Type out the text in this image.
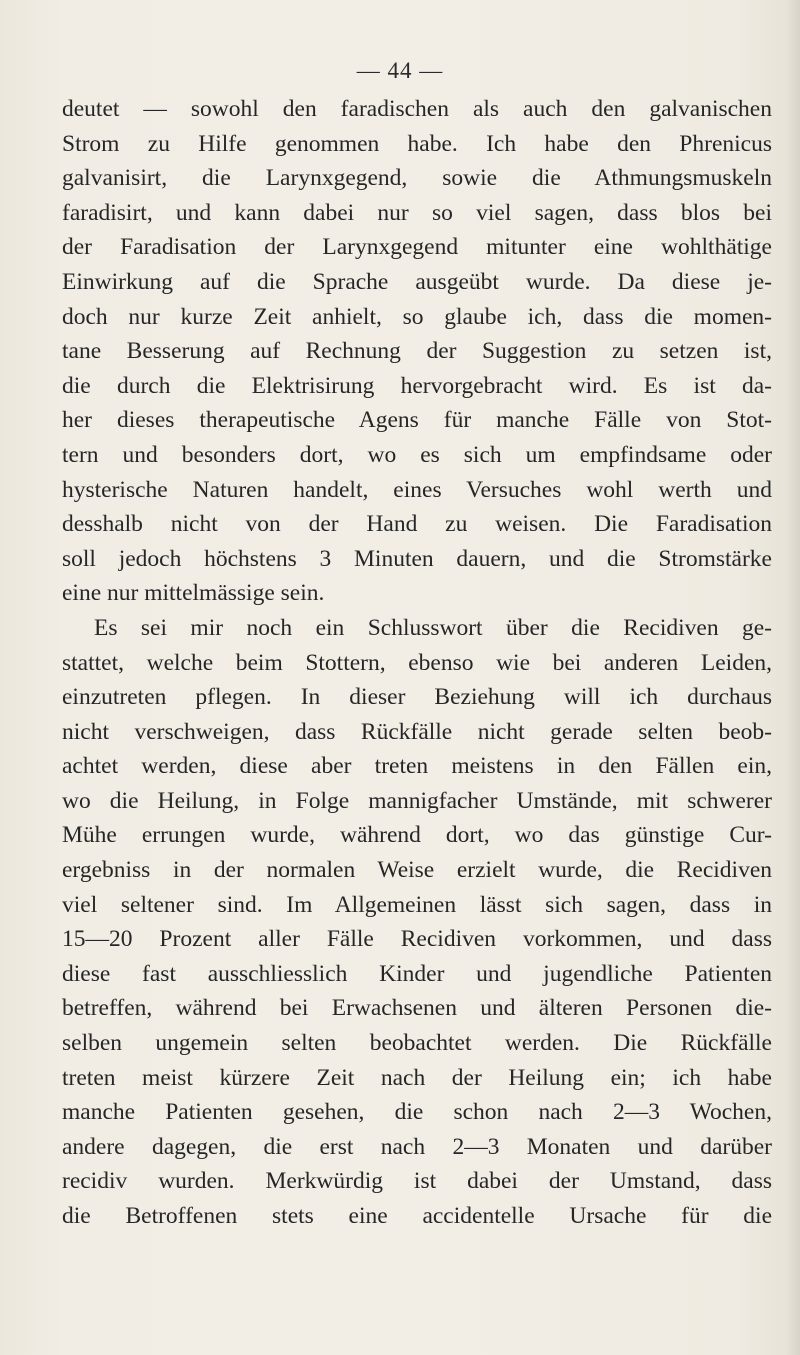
— 44 —
deutet — sowohl den faradischen als auch den galvanischen
Strom zu Hilfe genommen habe. Ich habe den Phrenicus
galvanisirt, die Larynxgegend, sowie die Athmungsmuskeln
faradisirt, und kann dabei nur so viel sagen, dass blos bei
der Faradisation der Larynxgegend mitunter eine wohlthätige
Einwirkung auf die Sprache ausgeübt wurde. Da diese je-
doch nur kurze Zeit anhielt, so glaube ich, dass die momen-
tane Besserung auf Rechnung der Suggestion zu setzen ist,
die durch die Elektrisirung hervorgebracht wird. Es ist da-
her dieses therapeutische Agens für manche Fälle von Stot-
tern und besonders dort, wo es sich um empfindsame oder
hysterische Naturen handelt, eines Versuches wohl werth und
desshalb nicht von der Hand zu weisen. Die Faradisation
soll jedoch höchstens 3 Minuten dauern, und die Stromstärke
eine nur mittelmässige sein.
Es sei mir noch ein Schlusswort über die Recidiven ge-
stattet, welche beim Stottern, ebenso wie bei anderen Leiden,
einzutreten pflegen. In dieser Beziehung will ich durchaus
nicht verschweigen, dass Rückfälle nicht gerade selten beob-
achtet werden, diese aber treten meistens in den Fällen ein,
wo die Heilung, in Folge mannigfacher Umstände, mit schwerer
Mühe errungen wurde, während dort, wo das günstige Cur-
ergebniss in der normalen Weise erzielt wurde, die Recidiven
viel seltener sind. Im Allgemeinen lässt sich sagen, dass in
15—20 Prozent aller Fälle Recidiven vorkommen, und dass
diese fast ausschliesslich Kinder und jugendliche Patienten
betreffen, während bei Erwachsenen und älteren Personen die-
selben ungemein selten beobachtet werden. Die Rückfälle
treten meist kürzere Zeit nach der Heilung ein; ich habe
manche Patienten gesehen, die schon nach 2—3 Wochen,
andere dagegen, die erst nach 2—3 Monaten und darüber
recidiv wurden. Merkwürdig ist dabei der Umstand, dass
die Betroffenen stets eine accidentelle Ursache für die
